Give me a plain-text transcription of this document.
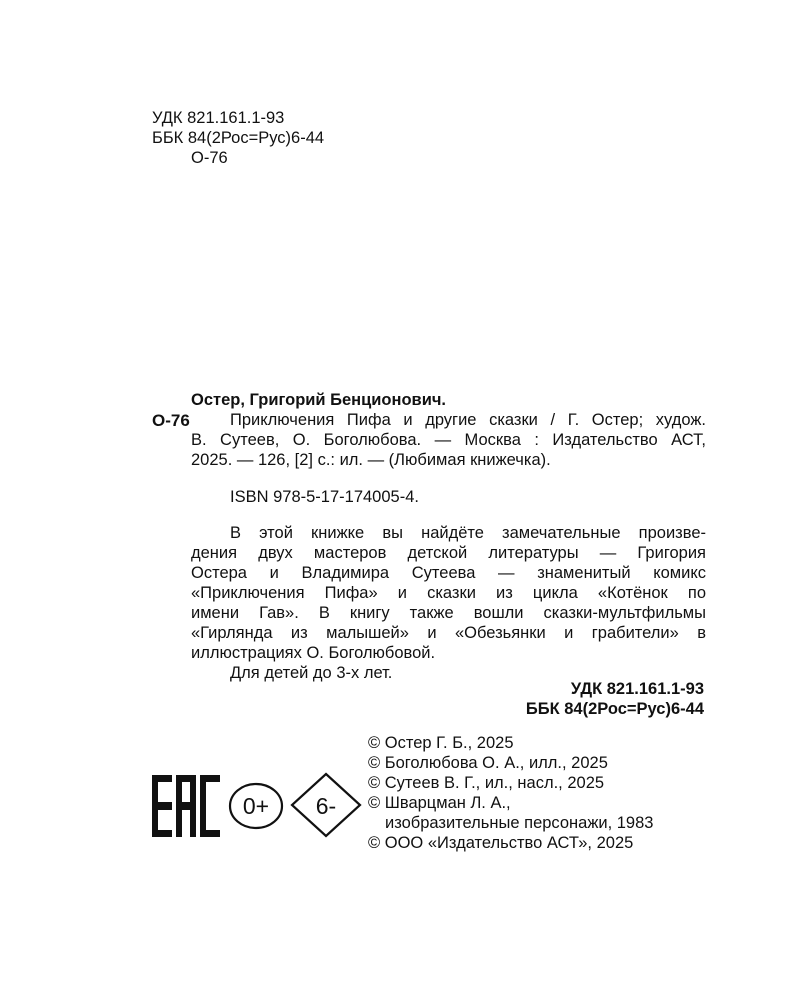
УДК 821.161.1-93
ББК 84(2Рос=Рус)6-44
О-76
Остер, Григорий Бенционович.
О-76 Приключения Пифа и другие сказки / Г. Остер; худож.
В. Сутеев, О. Боголюбова. — Москва : Издательство АСТ,
2025. — 126, [2] с.: ил. — (Любимая книжечка).
ISBN 978-5-17-174005-4.
В этой книжке вы найдёте замечательные произве-
дения двух мастеров детской литературы — Григория
Остера и Владимира Сутеева — знаменитый комикс
«Приключения Пифа» и сказки из цикла «Котёнок по
имени Гав». В книгу также вошли сказки-мультфильмы
«Гирлянда из малышей» и «Обезьянки и грабители» в
иллюстрациях О. Боголюбовой.
Для детей до 3-х лет.
УДК 821.161.1-93
ББК 84(2Рос=Рус)6-44
© Остер Г. Б., 2025
© Боголюбова О. А., илл., 2025
© Сутеев В. Г., ил., насл., 2025
© Шварцман Л. А.,
изобразительные персонажи, 1983
© ООО «Издательство АСТ», 2025
0+ 6-
